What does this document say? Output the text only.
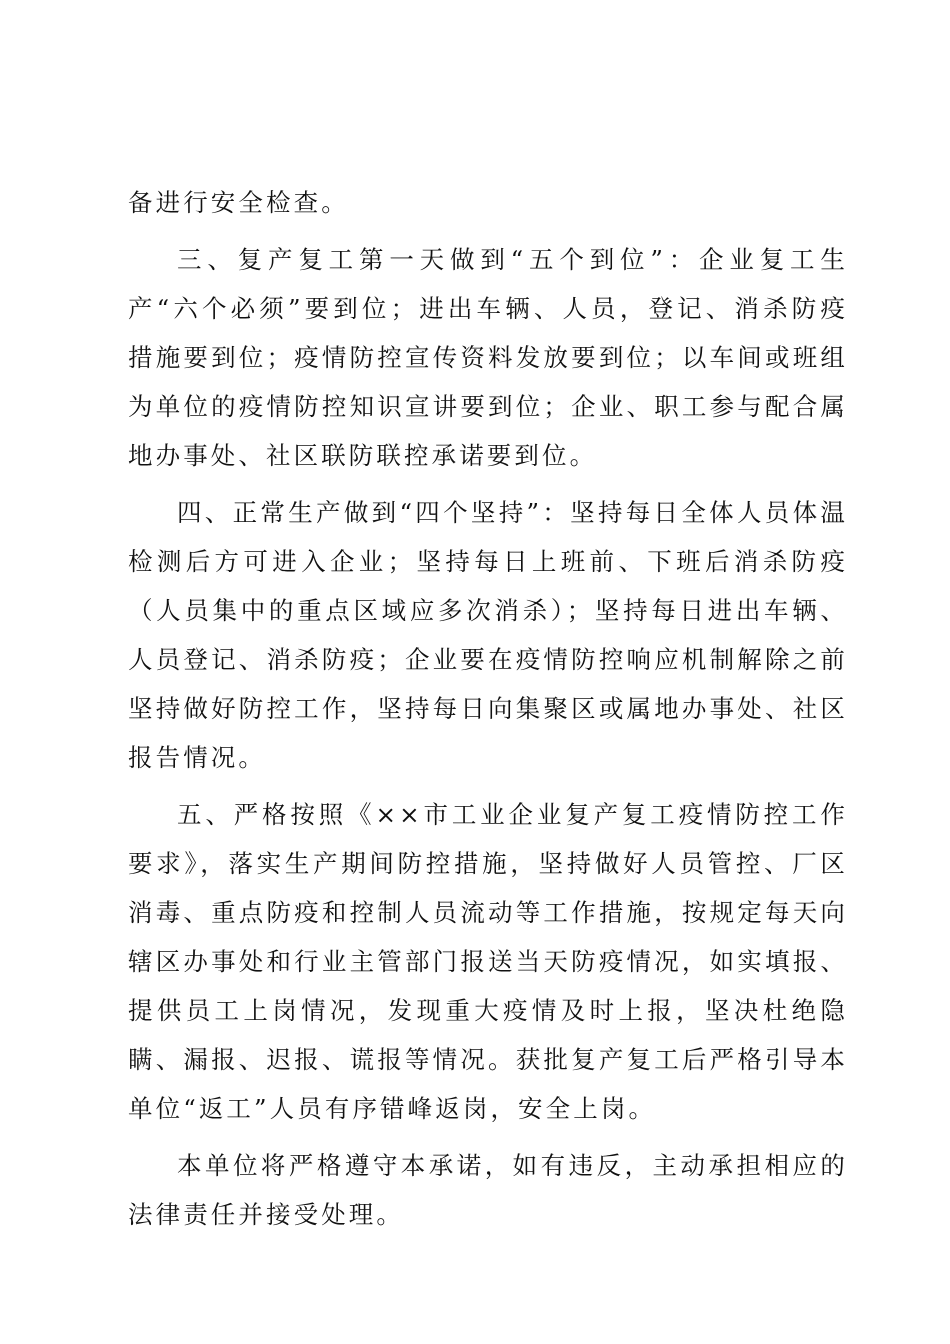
备进行安全检查。

三、复产复工第一天做到“五个到位”：企业复工生产“六个必须”要到位；进出车辆、人员，登记、消杀防疫措施要到位；疫情防控宣传资料发放要到位；以车间或班组为单位的疫情防控知识宣讲要到位；企业、职工参与配合属地办事处、社区联防联控承诺要到位。

四、正常生产做到“四个坚持”：坚持每日全体人员体温检测后方可进入企业；坚持每日上班前、下班后消杀防疫（人员集中的重点区域应多次消杀）；坚持每日进出车辆、人员登记、消杀防疫；企业要在疫情防控响应机制解除之前坚持做好防控工作，坚持每日向集聚区或属地办事处、社区报告情况。

五、严格按照《××市工业企业复产复工疫情防控工作要求》，落实生产期间防控措施，坚持做好人员管控、厂区消毒、重点防疫和控制人员流动等工作措施，按规定每天向辖区办事处和行业主管部门报送当天防疫情况，如实填报、提供员工上岗情况，发现重大疫情及时上报，坚决杜绝隐瞒、漏报、迟报、谎报等情况。获批复产复工后严格引导本单位“返工”人员有序错峰返岗，安全上岗。

本单位将严格遵守本承诺，如有违反，主动承担相应的法律责任并接受处理。
